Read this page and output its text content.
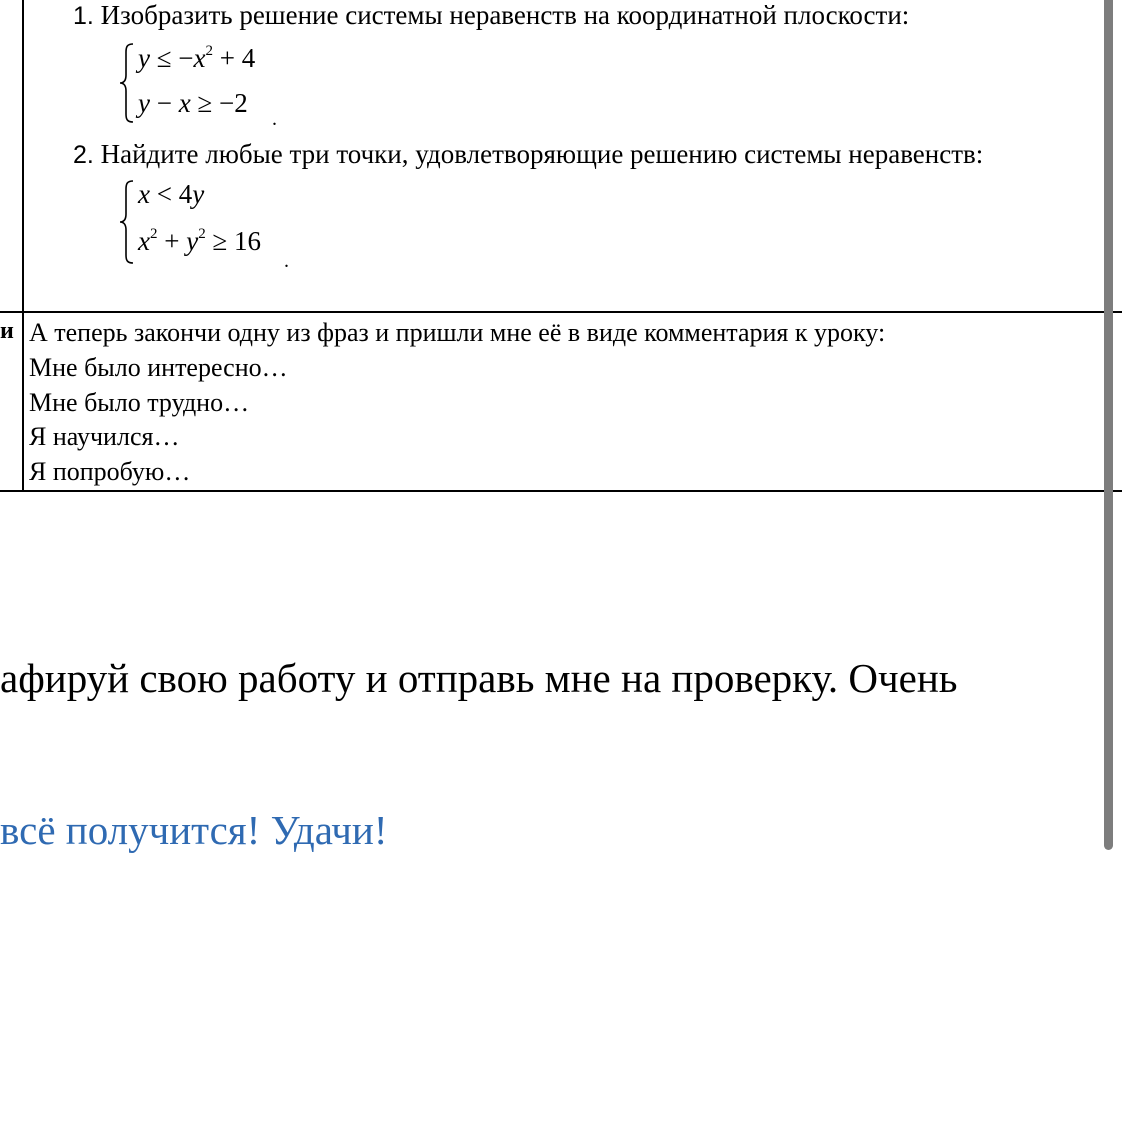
1. Изобразить решение системы неравенств на координатной плоскости:
$y \le -x^2 + 4$
y − x ≥ −2
.
2. Найдите любые три точки, удовлетворяющие решению системы неравенств:
x < 4y
$x^2 + y^2 \ge 16$
.
и А теперь закончи одну из фраз и пришли мне её в виде комментария к уроку:
Мне было интересно…
Мне было трудно…
Я научился…
Я попробую…
афируй свою работу и отправь мне на проверку. Очень
всё получится! Удачи!
